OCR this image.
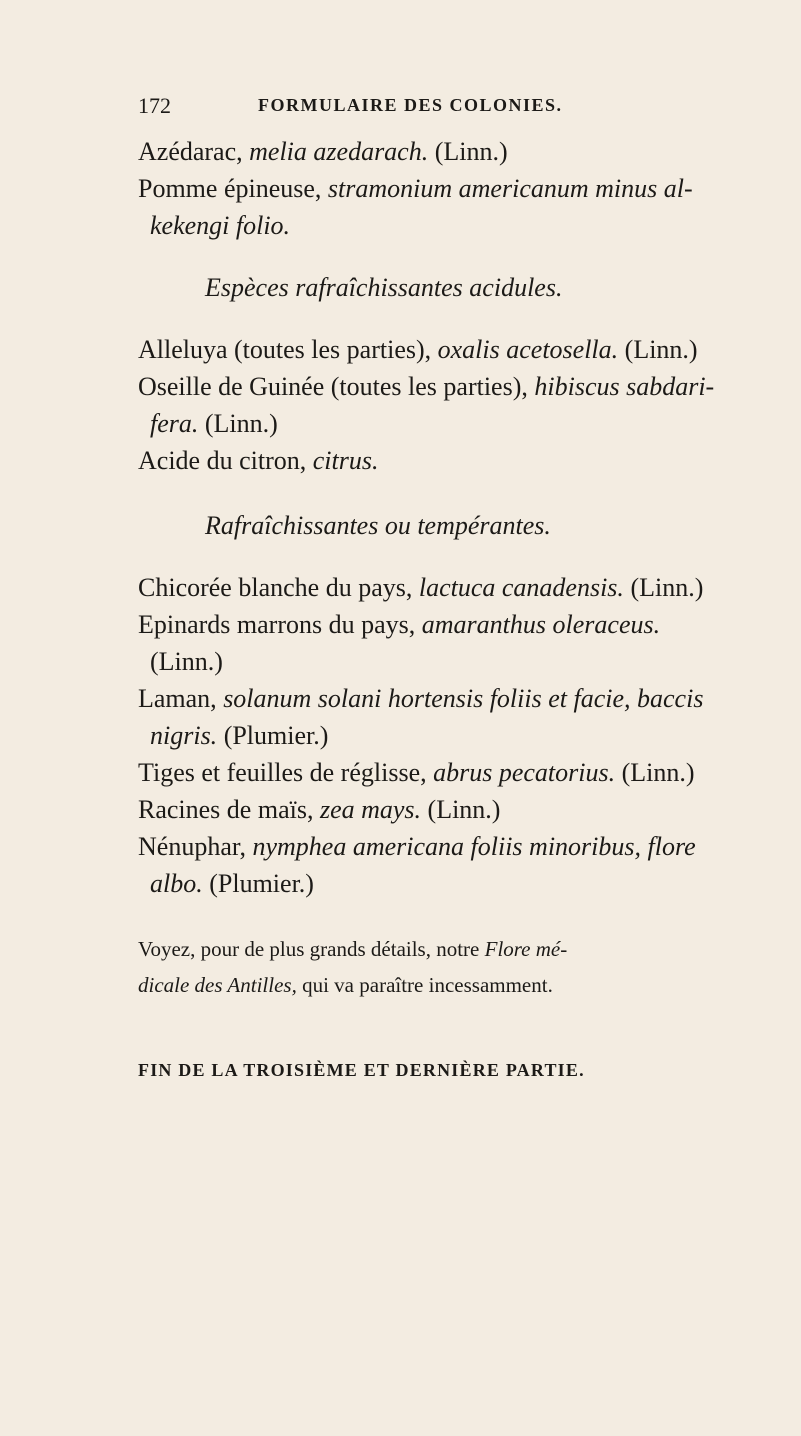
172	FORMULAIRE DES COLONIES.
Azédarac, melia azedarach. (Linn.)
Pomme épineuse, stramonium americanum minus al-
kekengi folio.
Espèces rafraîchissantes acidules.
Alleluya (toutes les parties), oxalis acetosella. (Linn.)
Oseille de Guinée (toutes les parties), hibiscus sabdari-
fera. (Linn.)
Acide du citron, citrus.
Rafraîchissantes ou tempérantes.
Chicorée blanche du pays, lactuca canadensis. (Linn.)
Epinards marrons du pays, amaranthus oleraceus.
(Linn.)
Laman, solanum solani hortensis foliis et facie, baccis
nigris. (Plumier.)
Tiges et feuilles de réglisse, abrus pecatorius. (Linn.)
Racines de maïs, zea mays. (Linn.)
Nénuphar, nymphea americana foliis minoribus, flore
albo. (Plumier.)
Voyez, pour de plus grands détails, notre Flore mé-
dicale des Antilles, qui va paraître incessamment.
FIN DE LA TROISIÈME ET DERNIÈRE PARTIE.
